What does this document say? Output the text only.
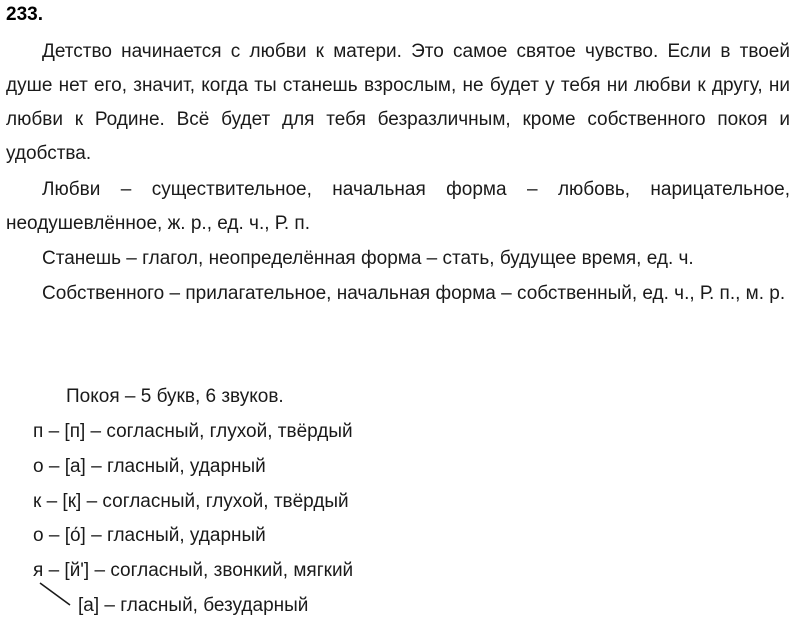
233.

Детство начинается с любви к матери. Это самое святое чувство. Если в твоей душе нет его, значит, когда ты станешь взрослым, не будет у тебя ни любви к другу, ни любви к Родине. Всё будет для тебя безразличным, кроме собственного покоя и удобства.

Любви – существительное, начальная форма – любовь, нарицательное, неодушевлённое, ж. р., ед. ч., Р. п.

Станешь – глагол, неопределённая форма – стать, будущее время, ед. ч.

Собственного – прилагательное, начальная форма – собственный, ед. ч., Р. п., м. р.

Покоя – 5 букв, 6 звуков.
п – [п] – согласный, глухой, твёрдый
о – [а] – гласный, ударный
к – [к] – согласный, глухой, твёрдый
о – [о́] – гласный, ударный
я – [й'] – согласный, звонкий, мягкий
[а] – гласный, безударный
